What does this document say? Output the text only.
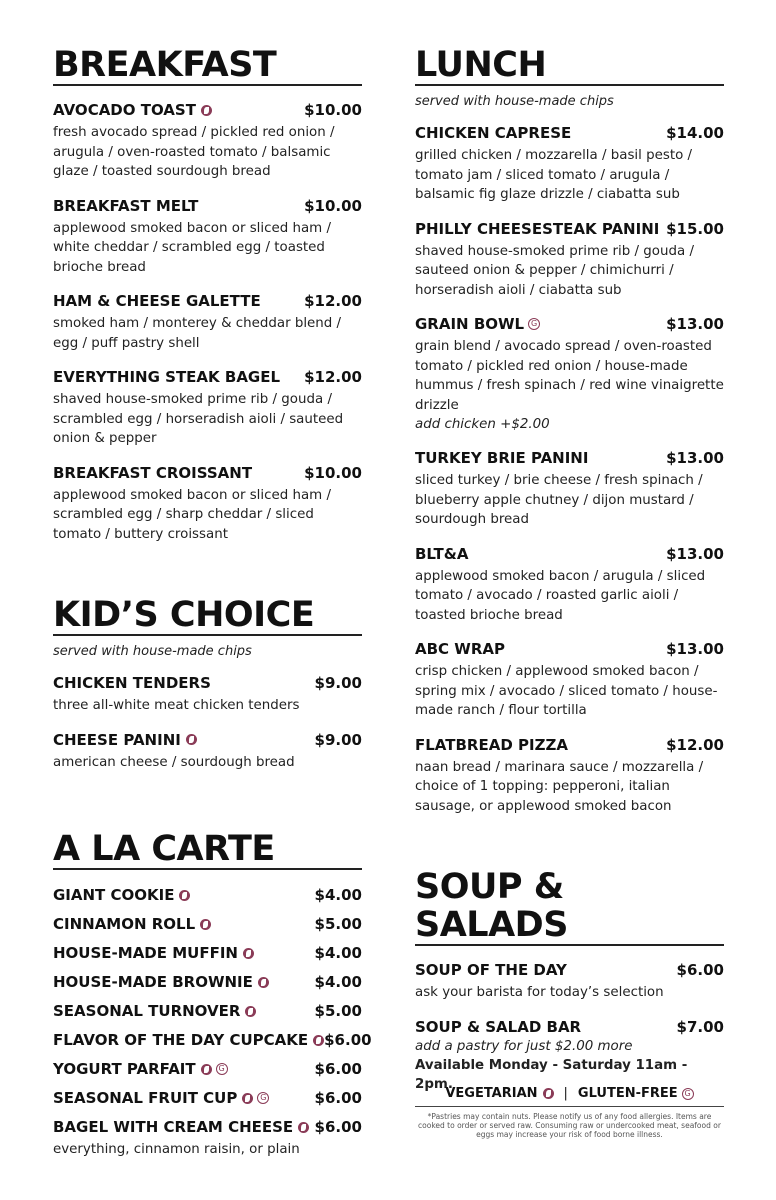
BREAKFAST
AVOCADO TOAST	$10.00
fresh avocado spread / pickled red onion / arugula / oven-roasted tomato / balsamic glaze / toasted sourdough bread
BREAKFAST MELT	$10.00
applewood smoked bacon or sliced ham / white cheddar / scrambled egg / toasted brioche bread
HAM & CHEESE GALETTE	$12.00
smoked ham / monterey & cheddar blend / egg / puff pastry shell
EVERYTHING STEAK BAGEL $12.00
shaved house-smoked prime rib / gouda / scrambled egg / horseradish aioli / sauteed onion & pepper
BREAKFAST CROISSANT	$10.00
applewood smoked bacon or sliced ham / scrambled egg / sharp cheddar / sliced tomato / buttery croissant
KID’S CHOICE
served with house-made chips
CHICKEN TENDERS	$9.00
three all-white meat chicken tenders
CHEESE PANINI	$9.00
american cheese / sourdough bread
A LA CARTE
GIANT COOKIE	$4.00
CINNAMON ROLL	$5.00
HOUSE-MADE MUFFIN	$4.00
HOUSE-MADE BROWNIE	$4.00
SEASONAL TURNOVER	$5.00
FLAVOR OF THE DAY CUPCAKE $6.00
YOGURT PARFAIT	G	$6.00
SEASONAL FRUIT CUP	G	$6.00
BAGEL WITH CREAM CHEESE $6.00
everything, cinnamon raisin, or plain
LUNCH
served with house-made chips
CHICKEN CAPRESE	$14.00
grilled chicken / mozzarella / basil pesto / tomato jam / sliced tomato / arugula / balsamic fig glaze drizzle / ciabatta sub
PHILLY CHEESESTEAK PANINI $15.00
shaved house-smoked prime rib / gouda / sauteed onion & pepper / chimichurri / horseradish aioli / ciabatta sub
GRAIN BOWL G	$13.00
grain blend / avocado spread / oven-roasted tomato / pickled red onion / house-made hummus / fresh spinach / red wine vinaigrette drizzle
add chicken +$2.00
TURKEY BRIE PANINI	$13.00
sliced turkey / brie cheese / fresh spinach / blueberry apple chutney / dijon mustard / sourdough bread
BLT&A	$13.00
applewood smoked bacon / arugula / sliced tomato / avocado / roasted garlic aioli / toasted brioche bread
ABC WRAP	$13.00
crisp chicken / applewood smoked bacon / spring mix / avocado / sliced tomato / house-made ranch / flour tortilla
FLATBREAD PIZZA	$12.00
naan bread / marinara sauce / mozzarella / choice of 1 topping: pepperoni, italian sausage, or applewood smoked bacon
SOUP & SALADS
SOUP OF THE DAY	$6.00
ask your barista for today’s selection
SOUP & SALAD BAR	$7.00
add a pastry for just $2.00 more
Available Monday - Saturday 11am - 2pm.
VEGETARIAN | GLUTEN-FREE G
*Pastries may contain nuts. Please notify us of any food allergies. Items are cooked to order or served raw. Consuming raw or undercooked meat, seafood or eggs may increase your risk of food borne illness.
